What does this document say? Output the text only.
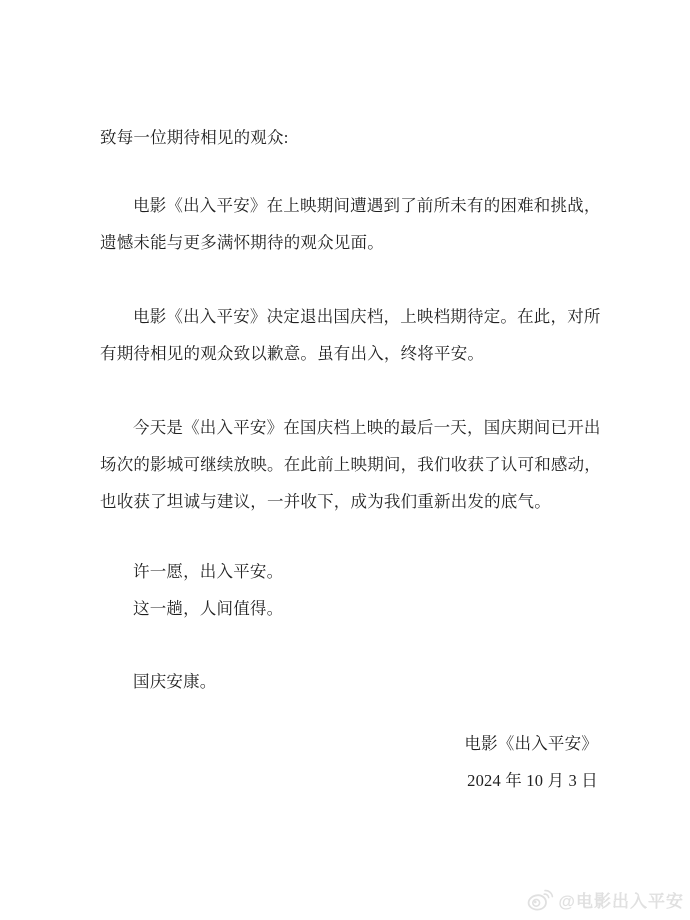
致每一位期待相见的观众:
电影《出入平安》在上映期间遭遇到了前所未有的困难和挑战，
遗憾未能与更多满怀期待的观众见面。
电影《出入平安》决定退出国庆档，上映档期待定。在此，对所
有期待相见的观众致以歉意。虽有出入，终将平安。
今天是《出入平安》在国庆档上映的最后一天，国庆期间已开出
场次的影城可继续放映。在此前上映期间，我们收获了认可和感动，
也收获了坦诚与建议，一并收下，成为我们重新出发的底气。
许一愿，出入平安。
这一趟，人间值得。
国庆安康。
电影《出入平安》
2024 年 10 月 3 日
@电影出入平安
